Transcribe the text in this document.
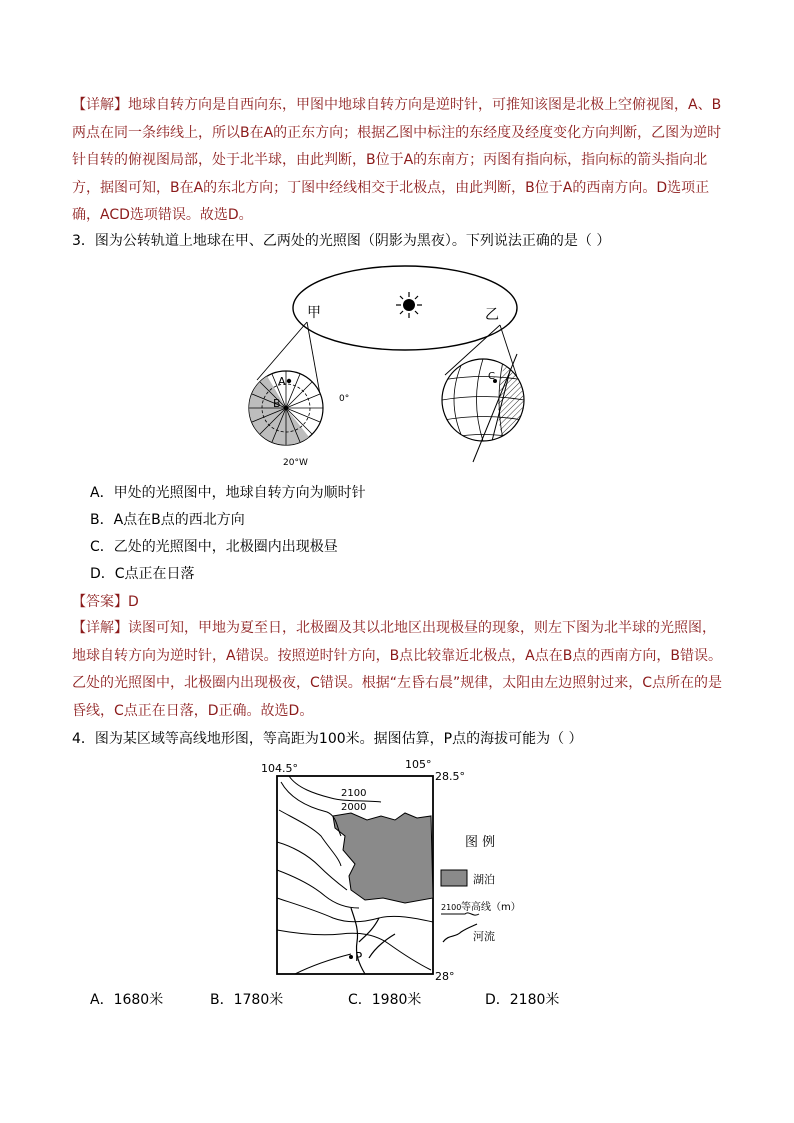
【详解】地球自转方向是自西向东，甲图中地球自转方向是逆时针，可推知该图是北极上空俯视图，A、B两点在同一条纬线上，所以B在A的正东方向；根据乙图中标注的东经度及经度变化方向判断，乙图为逆时针自转的俯视图局部，处于北半球，由此判断，B位于A的东南方；丙图有指向标，指向标的箭头指向北方，据图可知，B在A的东北方向；丁图中经线相交于北极点，由此判断，B位于A的西南方向。D选项正确，ACD选项错误。故选D。
3．图为公转轨道上地球在甲、乙两处的光照图（阴影为黑夜）。下列说法正确的是（ ）
甲	乙
A
B	0°
20°W
C
A．甲处的光照图中，地球自转方向为顺时针
B．A点在B点的西北方向
C．乙处的光照图中，北极圈内出现极昼
D．C点正在日落
【答案】D
【详解】读图可知，甲地为夏至日，北极圈及其以北地区出现极昼的现象，则左下图为北半球的光照图，地球自转方向为逆时针，A错误。按照逆时针方向，B点比较靠近北极点，A点在B点的西南方向，B错误。乙处的光照图中，北极圈内出现极夜，C错误。根据“左昏右晨”规律，太阳由左边照射过来，C点所在的是昏线，C点正在日落，D正确。故选D。
4．图为某区域等高线地形图，等高距为100米。据图估算，P点的海拔可能为（ ）
104.5°	105°
28.5°
28°
P
2100
2000
图 例
湖泊
2100 等高线（m）
河流
A．1680米	B．1780米	C．1980米	D．2180米
